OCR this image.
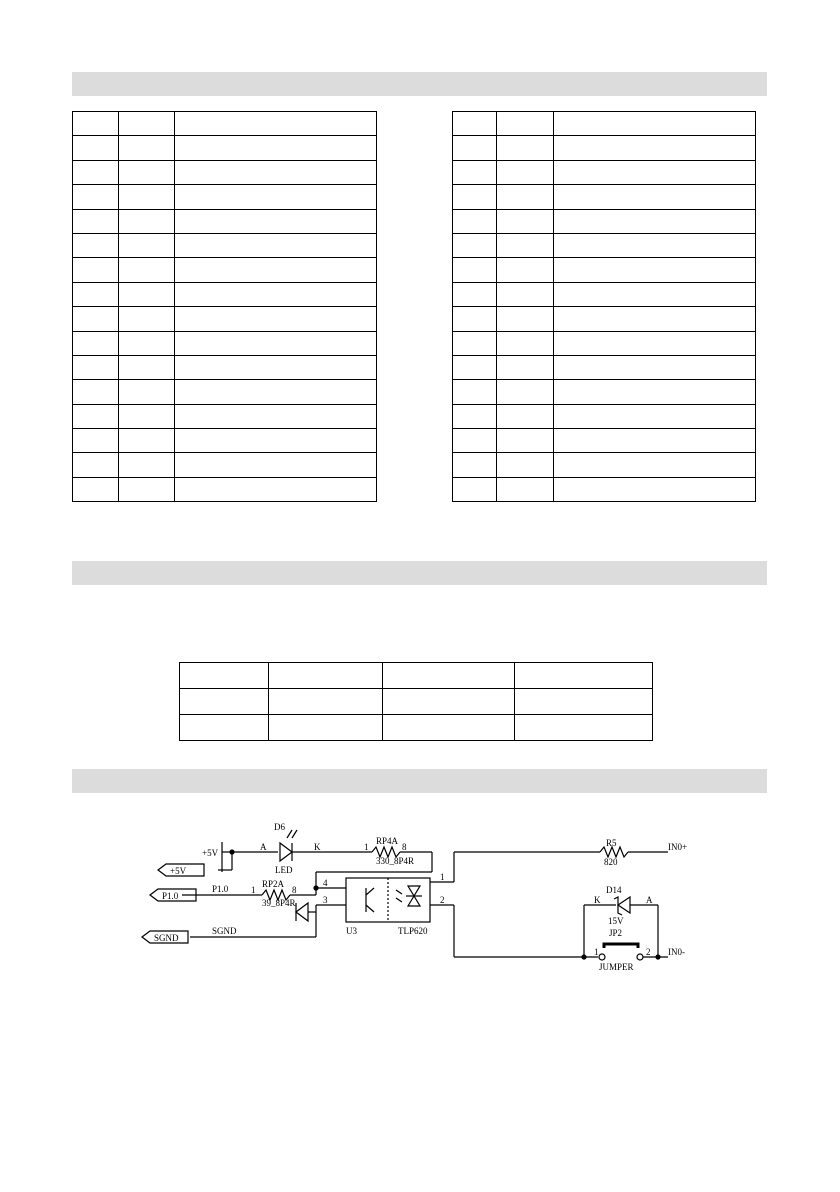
+5V
+5V
P1.0
P1.0
SGND
SGND
D6
LED
A	K
RP4A
330_8P4R
1	8
RP2A
39_8P4R
1	8
U3	TLP620
1
2
3
4
R5
820
D14
15V
K	A
JP2
JUMPER
1	2
IN0+
IN0-
